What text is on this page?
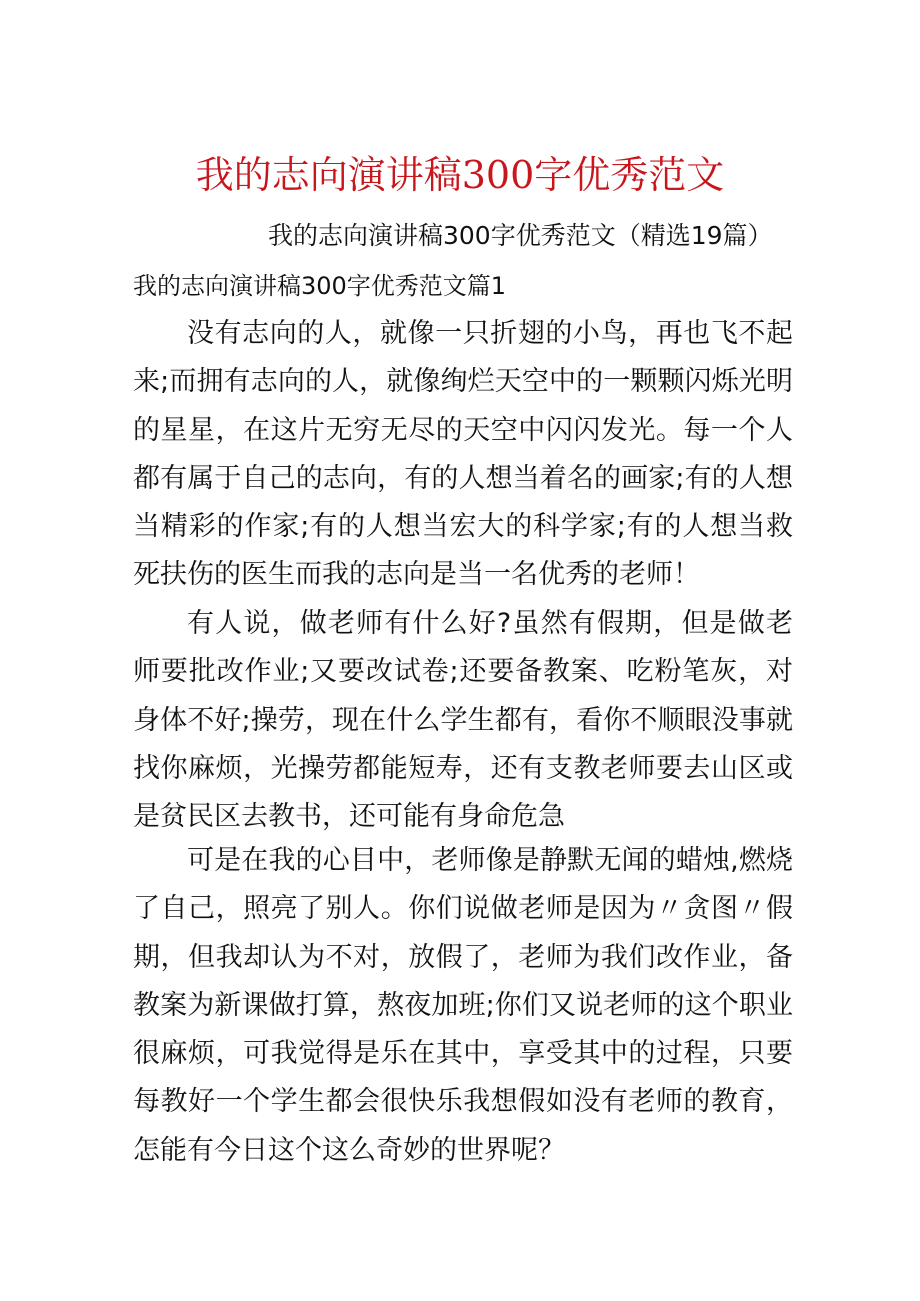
我的志向演讲稿300字优秀范文
我的志向演讲稿300字优秀范文（精选19篇）
我的志向演讲稿300字优秀范文篇1

没有志向的人，就像一只折翅的小鸟，再也飞不起来;而拥有志向的人，就像绚烂天空中的一颗颗闪烁光明的星星，在这片无穷无尽的天空中闪闪发光。每一个人都有属于自己的志向，有的人想当着名的画家;有的人想当精彩的作家;有的人想当宏大的科学家;有的人想当救死扶伤的医生而我的志向是当一名优秀的老师！

有人说，做老师有什么好?虽然有假期，但是做老师要批改作业;又要改试卷;还要备教案、吃粉笔灰，对身体不好;操劳，现在什么学生都有，看你不顺眼没事就找你麻烦，光操劳都能短寿，还有支教老师要去山区或是贫民区去教书，还可能有身命危急

可是在我的心目中，老师像是静默无闻的蜡烛,燃烧了自己，照亮了别人。你们说做老师是因为〃贪图〃假期，但我却认为不对，放假了，老师为我们改作业，备教案为新课做打算，熬夜加班;你们又说老师的这个职业很麻烦，可我觉得是乐在其中，享受其中的过程，只要每教好一个学生都会很快乐我想假如没有老师的教育，怎能有今日这个这么奇妙的世界呢？
